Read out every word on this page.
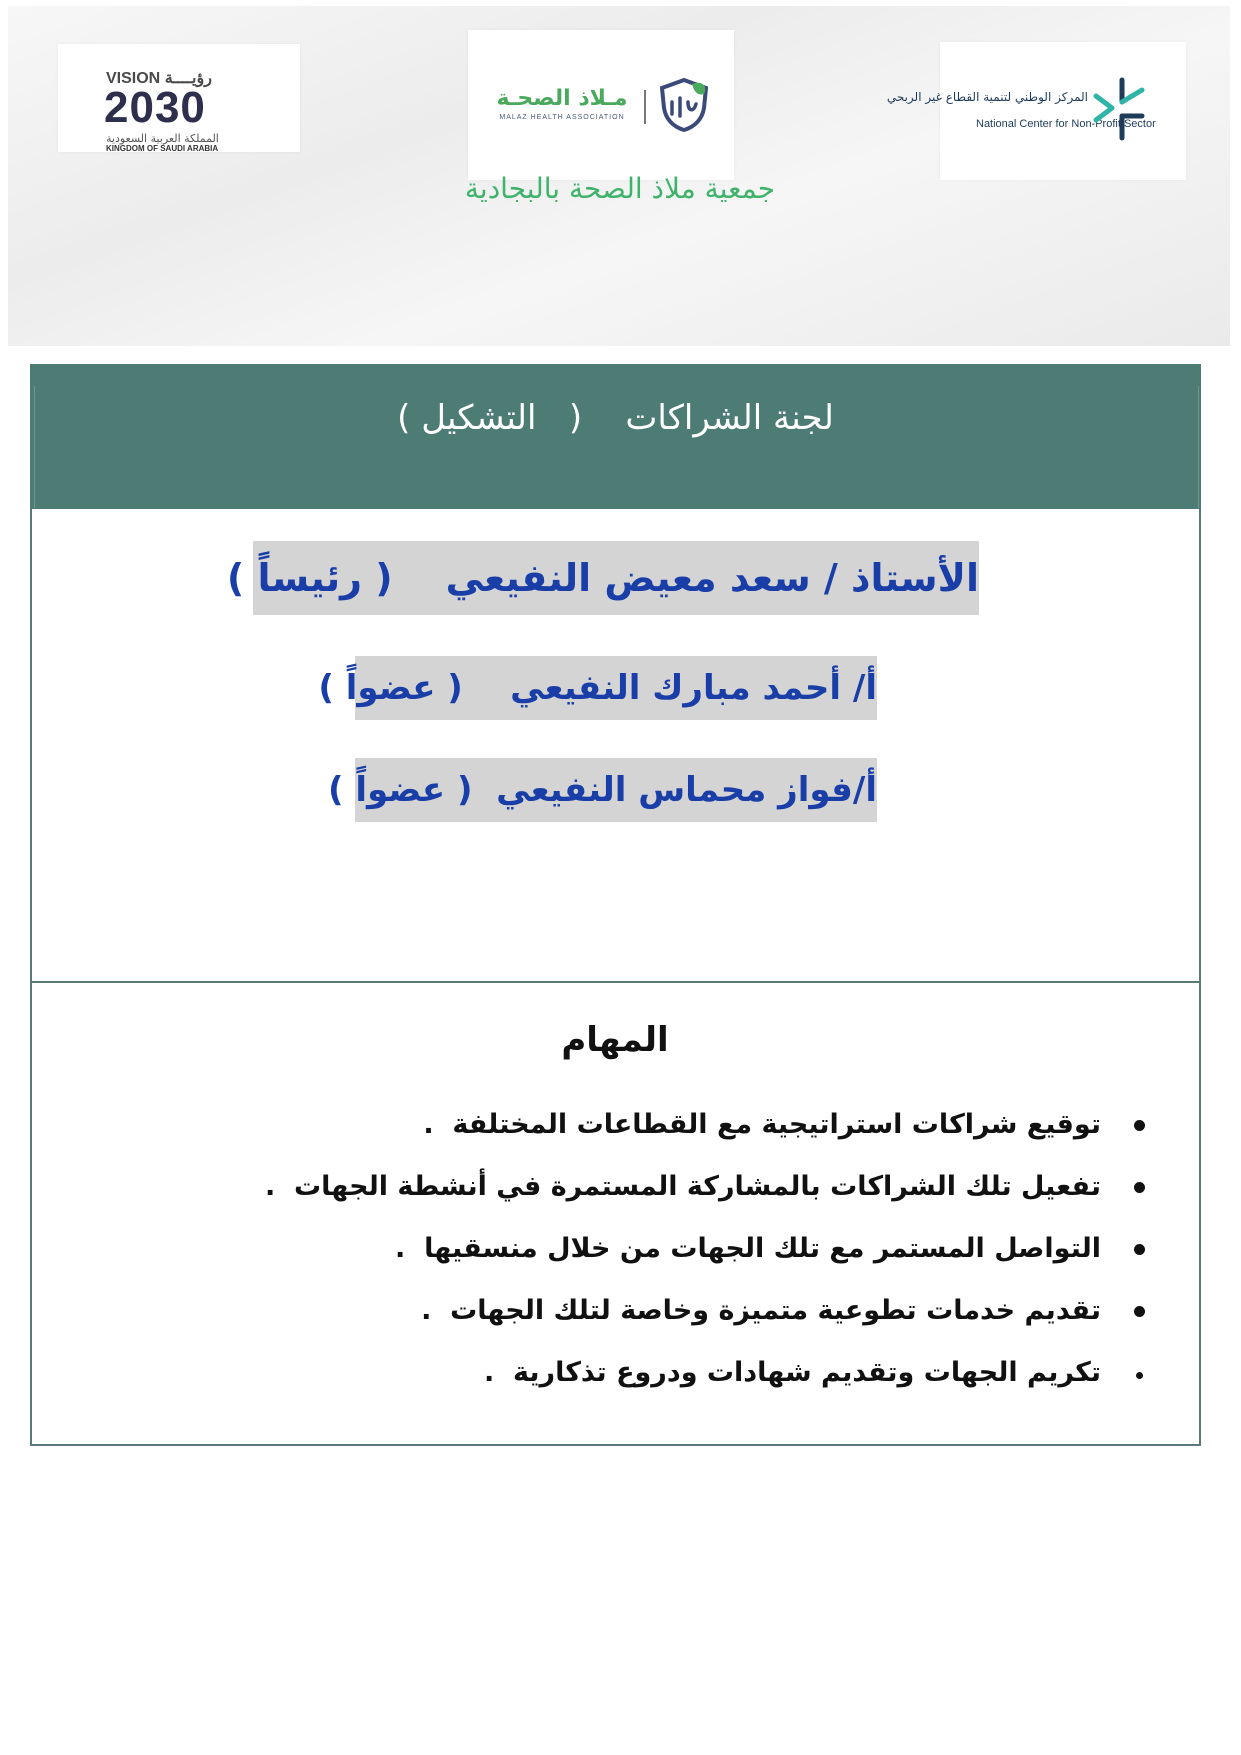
VISION رؤيــــة
2030
المملكة العربية السعودية
KINGDOM OF SAUDI ARABIA
مـلاذ الصحـة
MALAZ HEALTH ASSOCIATION
المركز الوطني لتنمية القطاع غير الربحي
National Center for Non-Profit Sector
جمعية ملاذ الصحة بالبجادية
لجنة الشراكات    (   التشكيل )
الأستاذ / سعد معيض النفيعي    ( رئيساً )
أ/ أحمد مبارك النفيعي    ( عضواً )
أ/فواز محماس النفيعي  ( عضواً )
المهام
توقيع شراكات استراتيجية مع القطاعات المختلفة  .
تفعيل تلك الشراكات بالمشاركة المستمرة في أنشطة الجهات  .
التواصل المستمر مع تلك الجهات من خلال منسقيها  .
تقديم خدمات تطوعية متميزة وخاصة لتلك الجهات  .
تكريم الجهات وتقديم شهادات ودروع تذكارية  .
